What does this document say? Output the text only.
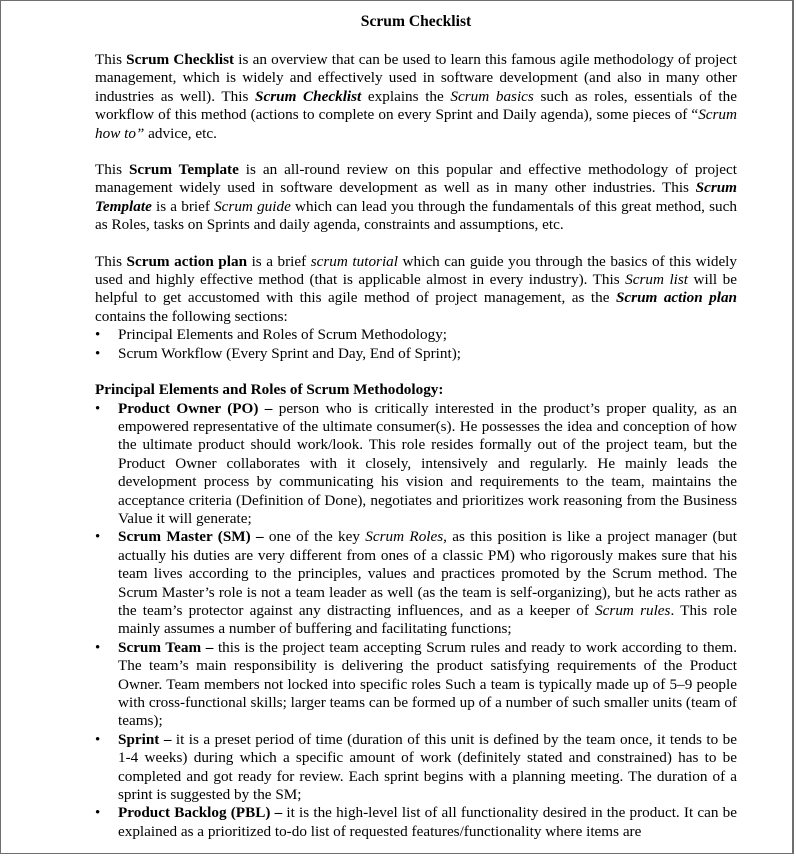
Scrum Checklist

This Scrum Checklist is an overview that can be used to learn this famous agile methodology of project management, which is widely and effectively used in software development (and also in many other industries as well). This Scrum Checklist explains the Scrum basics such as roles, essentials of the workflow of this method (actions to complete on every Sprint and Daily agenda), some pieces of “Scrum how to” advice, etc.

This Scrum Template is an all-round review on this popular and effective methodology of project management widely used in software development as well as in many other industries. This Scrum Template is a brief Scrum guide which can lead you through the fundamentals of this great method, such as Roles, tasks on Sprints and daily agenda, constraints and assumptions, etc.

This Scrum action plan is a brief scrum tutorial which can guide you through the basics of this widely used and highly effective method (that is applicable almost in every industry). This Scrum list will be helpful to get accustomed with this agile method of project management, as the Scrum action plan contains the following sections:

• Principal Elements and Roles of Scrum Methodology;
• Scrum Workflow (Every Sprint and Day, End of Sprint);

Principal Elements and Roles of Scrum Methodology:

• Product Owner (PO) – person who is critically interested in the product’s proper quality, as an empowered representative of the ultimate consumer(s). He possesses the idea and conception of how the ultimate product should work/look. This role resides formally out of the project team, but the Product Owner collaborates with it closely, intensively and regularly. He mainly leads the development process by communicating his vision and requirements to the team, maintains the acceptance criteria (Definition of Done), negotiates and prioritizes work reasoning from the Business Value it will generate;
• Scrum Master (SM) – one of the key Scrum Roles, as this position is like a project manager (but actually his duties are very different from ones of a classic PM) who rigorously makes sure that his team lives according to the principles, values and practices promoted by the Scrum method. The Scrum Master’s role is not a team leader as well (as the team is self-organizing), but he acts rather as the team’s protector against any distracting influences, and as a keeper of Scrum rules. This role mainly assumes a number of buffering and facilitating functions;
• Scrum Team – this is the project team accepting Scrum rules and ready to work according to them. The team’s main responsibility is delivering the product satisfying requirements of the Product Owner. Team members not locked into specific roles Such a team is typically made up of 5–9 people with cross-functional skills; larger teams can be formed up of a number of such smaller units (team of teams);
• Sprint – it is a preset period of time (duration of this unit is defined by the team once, it tends to be 1-4 weeks) during which a specific amount of work (definitely stated and constrained) has to be completed and got ready for review. Each sprint begins with a planning meeting. The duration of a sprint is suggested by the SM;
• Product Backlog (PBL) – it is the high-level list of all functionality desired in the product. It can be explained as a prioritized to-do list of requested features/functionality where items are
